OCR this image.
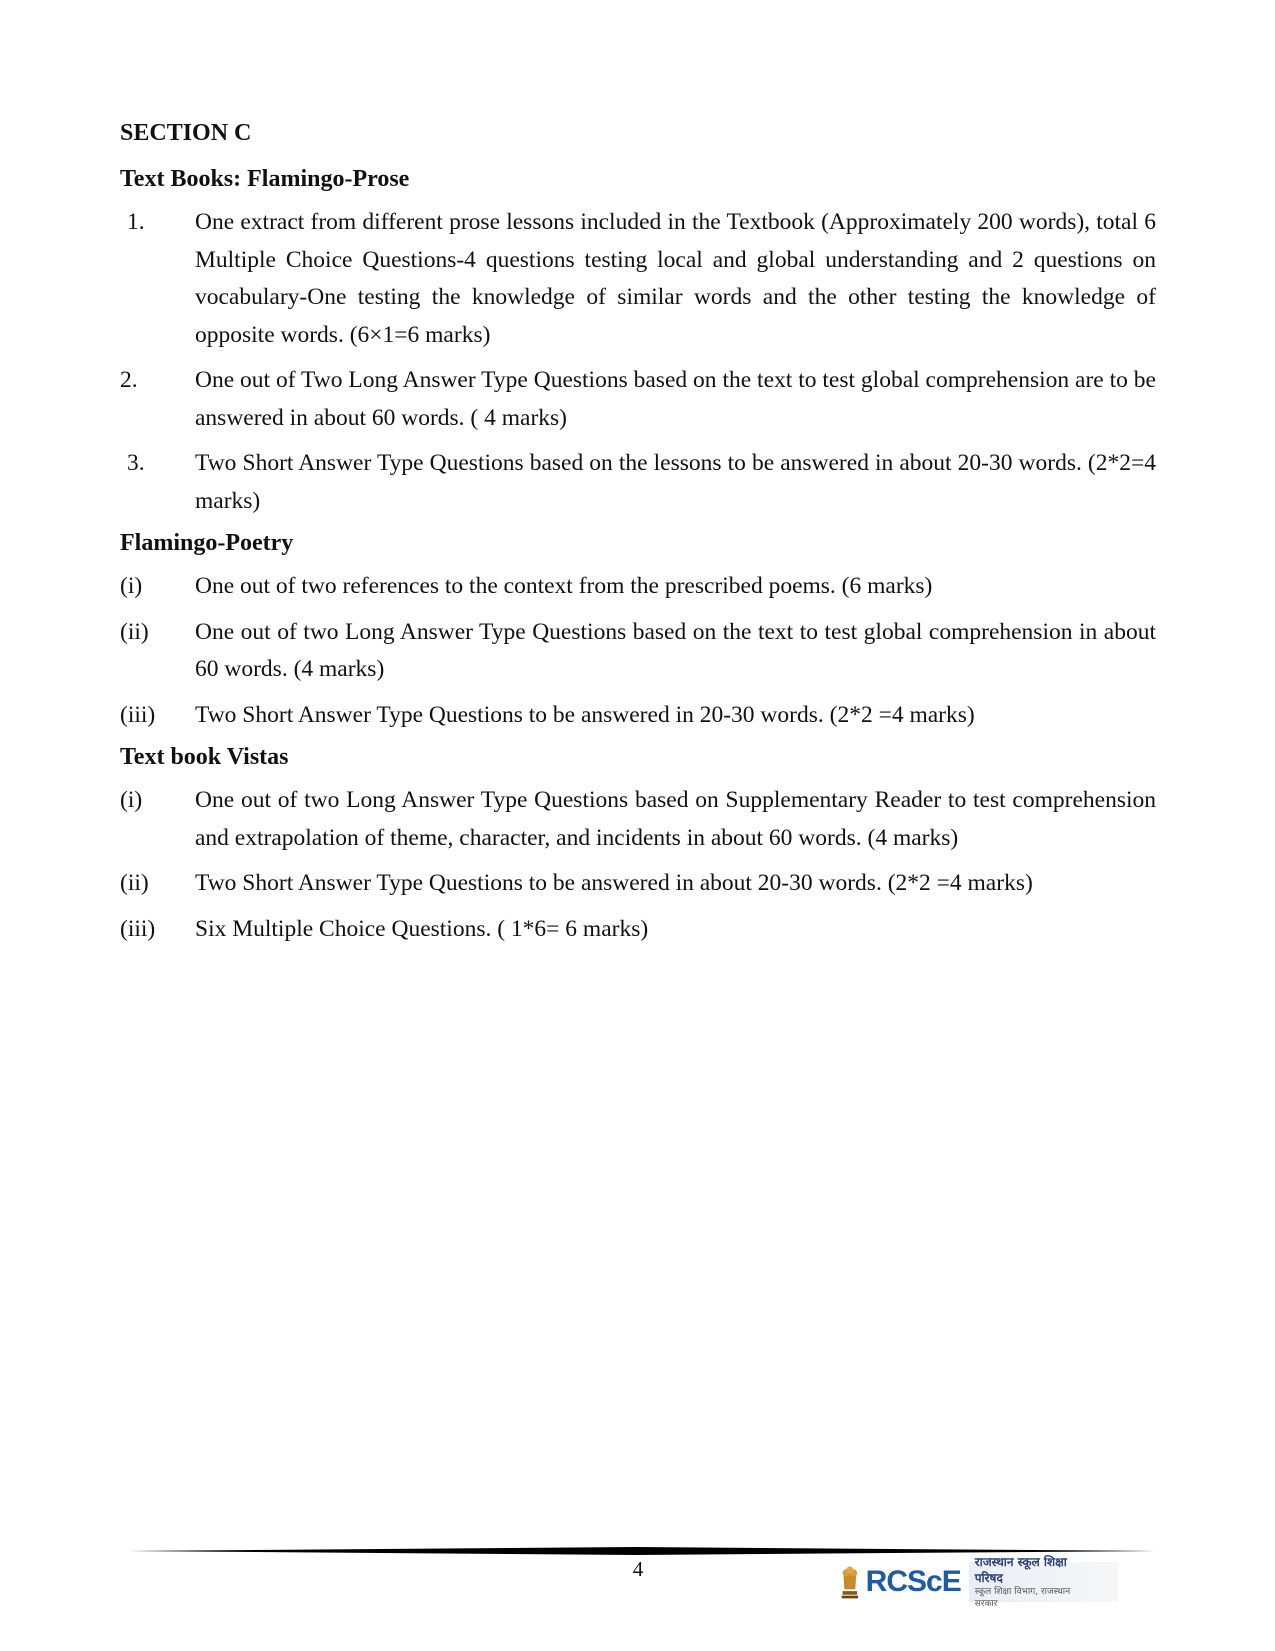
SECTION C
Text Books: Flamingo-Prose
1.	One extract from different prose lessons included in the Textbook (Approximately 200 words), total 6 Multiple Choice Questions-4 questions testing local and global understanding and 2 questions on vocabulary-One testing the knowledge of similar words and the other testing the knowledge of opposite words. (6×1=6 marks)
2.	One out of Two Long Answer Type Questions based on the text to test global comprehension are to be answered in about 60 words. ( 4 marks)
3.	Two Short Answer Type Questions based on the lessons to be answered in about 20-30 words. (2*2=4 marks)
Flamingo-Poetry
(i)	One out of two references to the context from the prescribed poems. (6 marks)
(ii)	One out of two Long Answer Type Questions based on the text to test global comprehension in about 60 words. (4 marks)
(iii)	Two Short Answer Type Questions to be answered in 20-30 words. (2*2 =4 marks)
Text book Vistas
(i)	One out of two Long Answer Type Questions based on Supplementary Reader to test comprehension and extrapolation of theme, character, and incidents in about 60 words. (4 marks)
(ii)	Two Short Answer Type Questions to be answered in about 20-30 words. (2*2 =4 marks)
(iii)	Six Multiple Choice Questions. ( 1*6= 6 marks)
4	RCScE
राजस्थान स्कूल शिक्षा परिषद
स्कूल शिक्षा विभाग, राजस्थान सरकार
